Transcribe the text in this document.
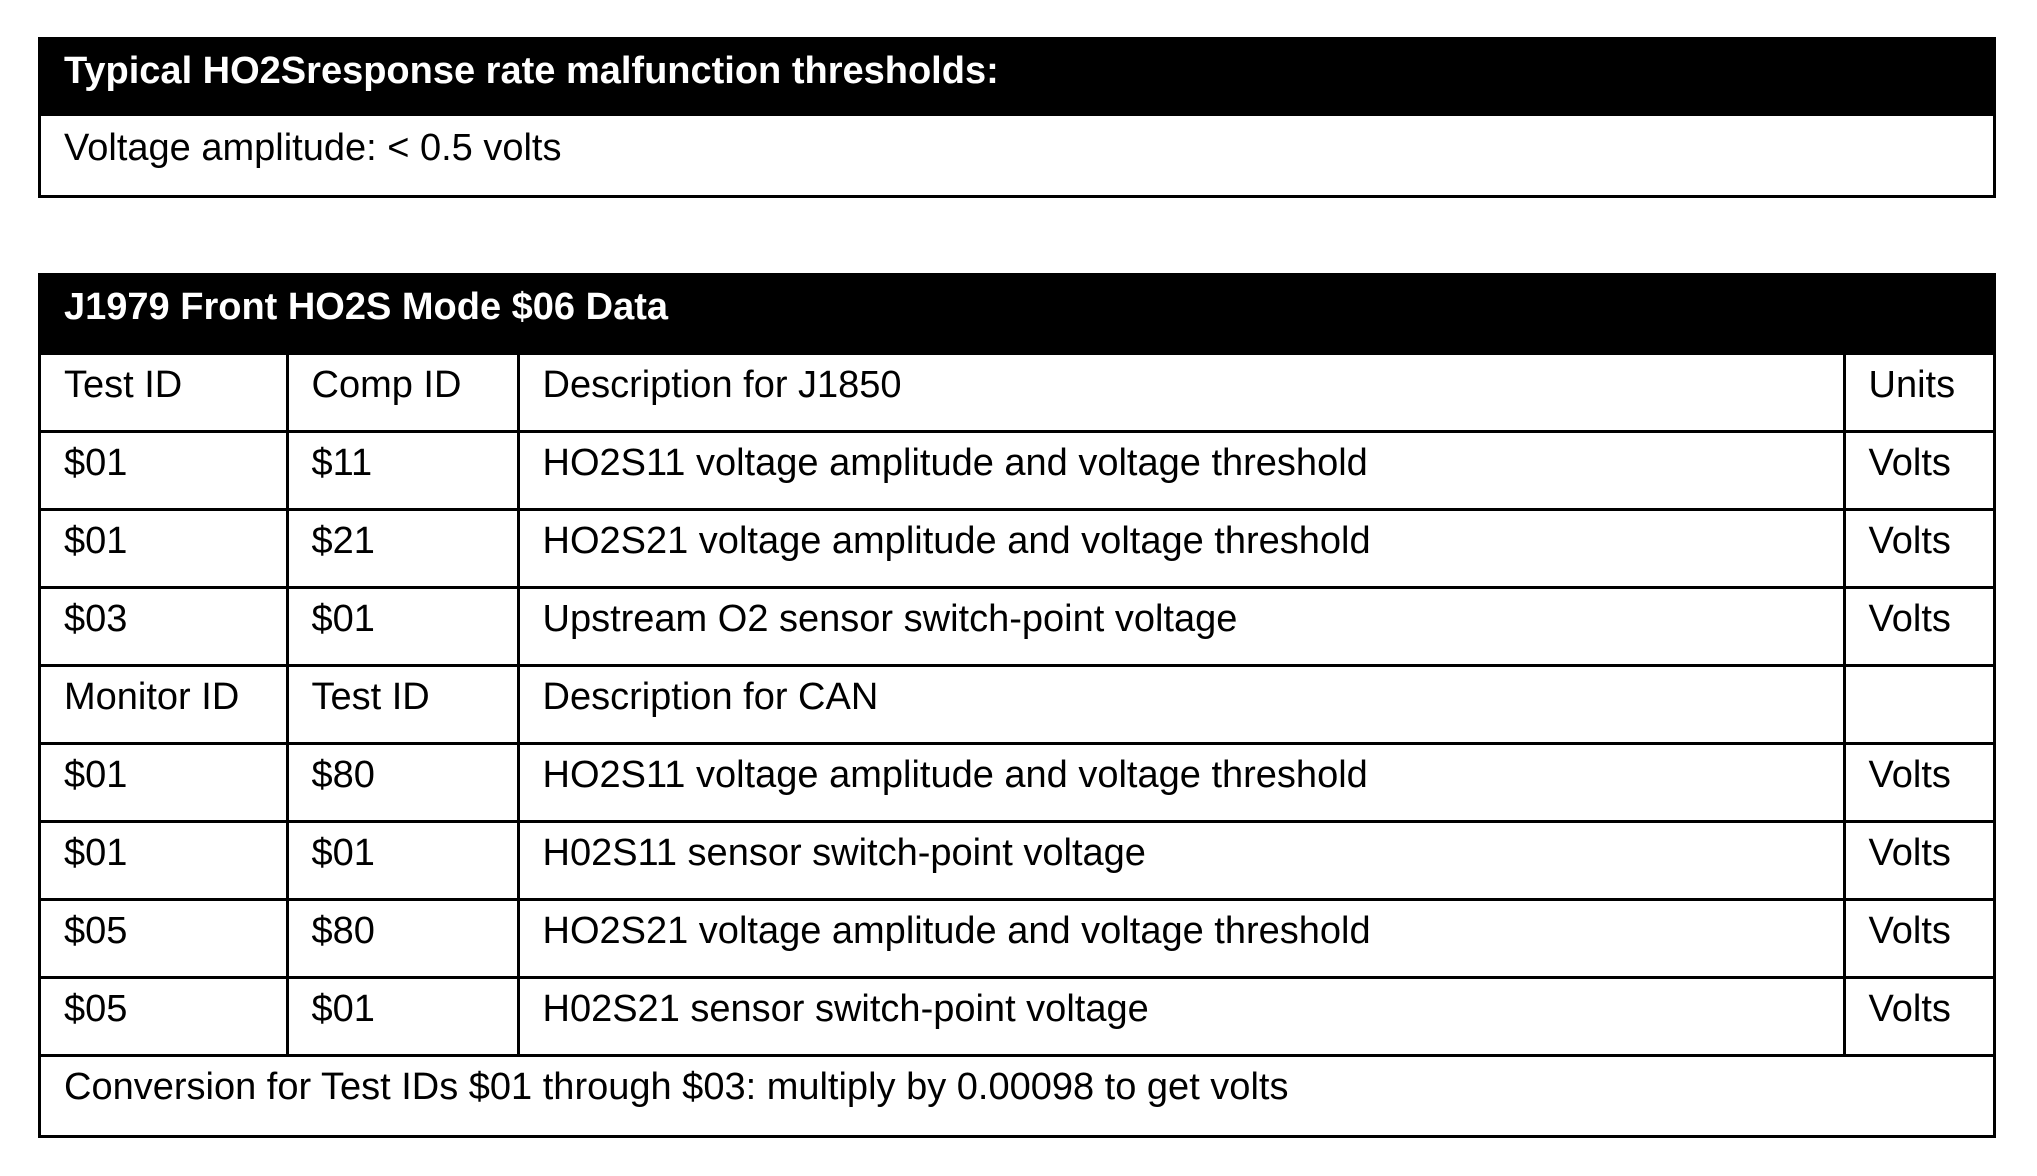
Typical HO2Sresponse rate malfunction thresholds:
Voltage amplitude: < 0.5 volts
J1979 Front HO2S Mode $06 Data
Test ID	Comp ID	Description for J1850	Units
$01	$11	HO2S11 voltage amplitude and voltage threshold	Volts
$01	$21	HO2S21 voltage amplitude and voltage threshold	Volts
$03	$01	Upstream O2 sensor switch-point voltage	Volts
Monitor ID	Test ID	Description for CAN	
$01	$80	HO2S11 voltage amplitude and voltage threshold	Volts
$01	$01	H02S11 sensor switch-point voltage	Volts
$05	$80	HO2S21 voltage amplitude and voltage threshold	Volts
$05	$01	H02S21 sensor switch-point voltage	Volts
Conversion for Test IDs $01 through $03: multiply by 0.00098 to get volts			
